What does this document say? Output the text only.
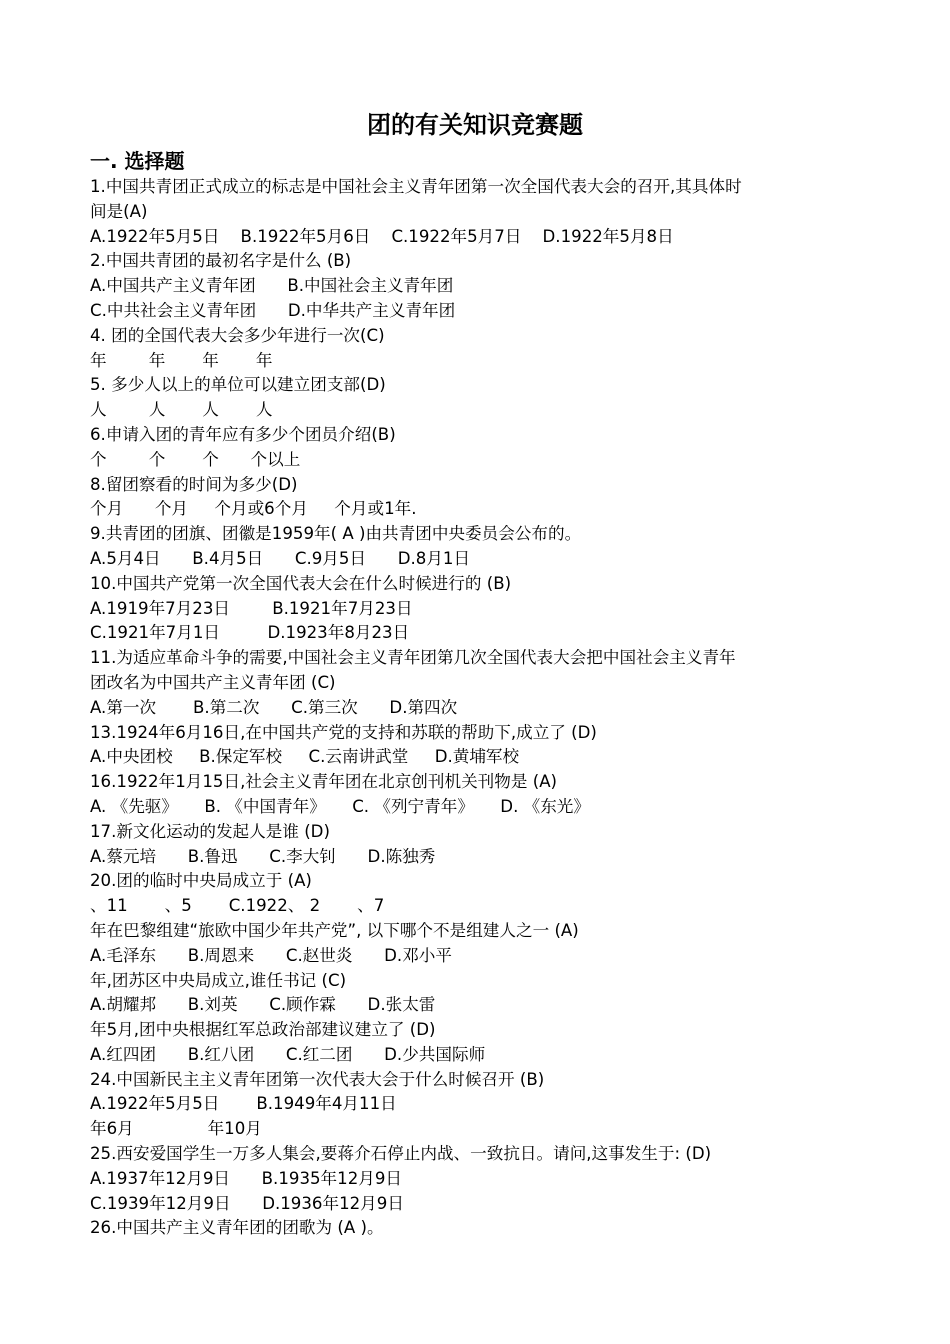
团的有关知识竞赛题
一. 选择题
1.中国共青团正式成立的标志是中国社会主义青年团第一次全国代表大会的召开,其具体时
间是(A)
A.1922年5月5日    B.1922年5月6日    C.1922年5月7日    D.1922年5月8日
2.中国共青团的最初名字是什么 (B)
A.中国共产主义青年团      B.中国社会主义青年团
C.中共社会主义青年团      D.中华共产主义青年团
4. 团的全国代表大会多少年进行一次(C)
年        年       年       年
5. 多少人以上的单位可以建立团支部(D)
人        人       人       人
6.申请入团的青年应有多少个团员介绍(B)
个        个       个      个以上
8.留团察看的时间为多少(D)
个月      个月     个月或6个月     个月或1年.
9.共青团的团旗、团徽是1959年( A )由共青团中央委员会公布的。
A.5月4日      B.4月5日      C.9月5日      D.8月1日
10.中国共产党第一次全国代表大会在什么时候进行的 (B)
A.1919年7月23日        B.1921年7月23日
C.1921年7月1日         D.1923年8月23日
11.为适应革命斗争的需要,中国社会主义青年团第几次全国代表大会把中国社会主义青年
团改名为中国共产主义青年团 (C)
A.第一次       B.第二次      C.第三次      D.第四次
13.1924年6月16日,在中国共产党的支持和苏联的帮助下,成立了 (D)
A.中央团校     B.保定军校     C.云南讲武堂     D.黄埔军校
16.1922年1月15日,社会主义青年团在北京创刊机关刊物是 (A)
A. 《先驱》     B. 《中国青年》     C. 《列宁青年》     D. 《东光》
17.新文化运动的发起人是谁 (D)
A.蔡元培      B.鲁迅      C.李大钊      D.陈独秀
20.团的临时中央局成立于 (A)
、11       、5       C.1922、 2       、7
年在巴黎组建“旅欧中国少年共产党”, 以下哪个不是组建人之一 (A)
A.毛泽东      B.周恩来      C.赵世炎      D.邓小平
年,团苏区中央局成立,谁任书记 (C)
A.胡耀邦      B.刘英      C.顾作霖      D.张太雷
年5月,团中央根据红军总政治部建议建立了 (D)
A.红四团      B.红八团      C.红二团      D.少共国际师
24.中国新民主主义青年团第一次代表大会于什么时候召开 (B)
A.1922年5月5日       B.1949年4月11日
年6月              年10月
25.西安爱国学生一万多人集会,要蒋介石停止内战、一致抗日。请问,这事发生于: (D)
A.1937年12月9日      B.1935年12月9日
C.1939年12月9日      D.1936年12月9日
26.中国共产主义青年团的团歌为 (A )。
